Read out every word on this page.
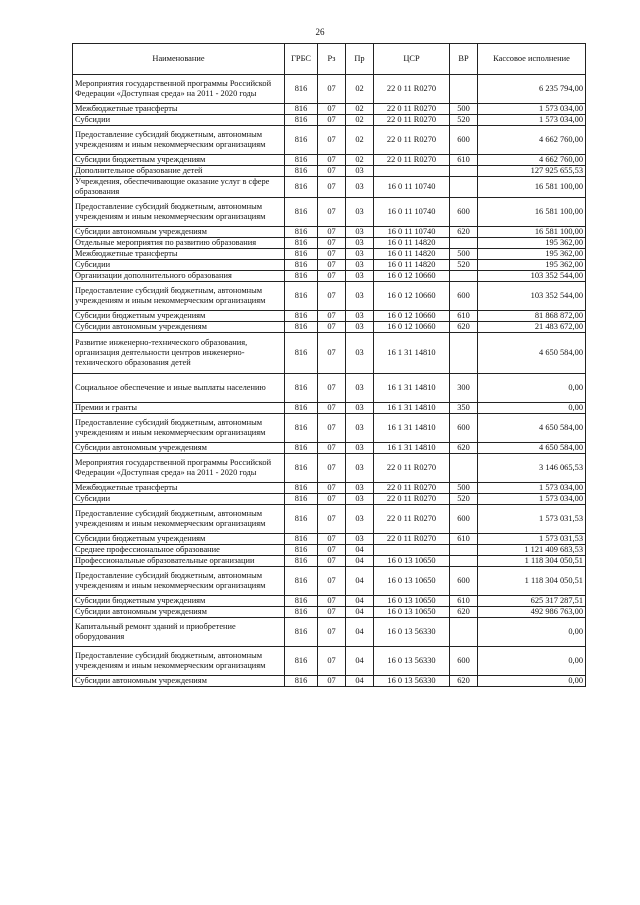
26
Наименование	ГРБС	Рз	Пр	ЦСР	ВР	Кассовое исполнение
Мероприятия государственной программы Российской Федерации «Доступная среда» на 2011 - 2020 годы	816	07	02	22 0 11 R0270		6 235 794,00
Межбюджетные трансферты	816	07	02	22 0 11 R0270	500	1 573 034,00
Субсидии	816	07	02	22 0 11 R0270	520	1 573 034,00
Предоставление субсидий бюджетным, автономным учреждениям и иным некоммерческим организациям	816	07	02	22 0 11 R0270	600	4 662 760,00
Субсидии бюджетным учреждениям	816	07	02	22 0 11 R0270	610	4 662 760,00
Дополнительное образование детей	816	07	03			127 925 655,53
Учреждения, обеспечивающие оказание услуг в сфере образования	816	07	03	16 0 11 10740		16 581 100,00
Предоставление субсидий бюджетным, автономным учреждениям и иным некоммерческим организациям	816	07	03	16 0 11 10740	600	16 581 100,00
Субсидии автономным учреждениям	816	07	03	16 0 11 10740	620	16 581 100,00
Отдельные мероприятия по развитию образования	816	07	03	16 0 11 14820		195 362,00
Межбюджетные трансферты	816	07	03	16 0 11 14820	500	195 362,00
Субсидии	816	07	03	16 0 11 14820	520	195 362,00
Организации дополнительного образования	816	07	03	16 0 12 10660		103 352 544,00
Предоставление субсидий бюджетным, автономным учреждениям и иным некоммерческим организациям	816	07	03	16 0 12 10660	600	103 352 544,00
Субсидии бюджетным учреждениям	816	07	03	16 0 12 10660	610	81 868 872,00
Субсидии автономным учреждениям	816	07	03	16 0 12 10660	620	21 483 672,00
Развитие инженерно-технического образования, организация деятельности центров инженерно-технического образования детей	816	07	03	16 1 31 14810		4 650 584,00
Социальное обеспечение и иные выплаты населению	816	07	03	16 1 31 14810	300	0,00
Премии и гранты	816	07	03	16 1 31 14810	350	0,00
Предоставление субсидий бюджетным, автономным учреждениям и иным некоммерческим организациям	816	07	03	16 1 31 14810	600	4 650 584,00
Субсидии автономным учреждениям	816	07	03	16 1 31 14810	620	4 650 584,00
Мероприятия государственной программы Российской Федерации «Доступная среда» на 2011 - 2020 годы	816	07	03	22 0 11 R0270		3 146 065,53
Межбюджетные трансферты	816	07	03	22 0 11 R0270	500	1 573 034,00
Субсидии	816	07	03	22 0 11 R0270	520	1 573 034,00
Предоставление субсидий бюджетным, автономным учреждениям и иным некоммерческим организациям	816	07	03	22 0 11 R0270	600	1 573 031,53
Субсидии бюджетным учреждениям	816	07	03	22 0 11 R0270	610	1 573 031,53
Среднее профессиональное образование	816	07	04			1 121 409 683,53
Профессиональные образовательные организации	816	07	04	16 0 13 10650		1 118 304 050,51
Предоставление субсидий бюджетным, автономным учреждениям и иным некоммерческим организациям	816	07	04	16 0 13 10650	600	1 118 304 050,51
Субсидии бюджетным учреждениям	816	07	04	16 0 13 10650	610	625 317 287,51
Субсидии автономным учреждениям	816	07	04	16 0 13 10650	620	492 986 763,00
Капитальный ремонт зданий и приобретение оборудования	816	07	04	16 0 13 56330		0,00
Предоставление субсидий бюджетным, автономным учреждениям и иным некоммерческим организациям	816	07	04	16 0 13 56330	600	0,00
Субсидии автономным учреждениям	816	07	04	16 0 13 56330	620	0,00
